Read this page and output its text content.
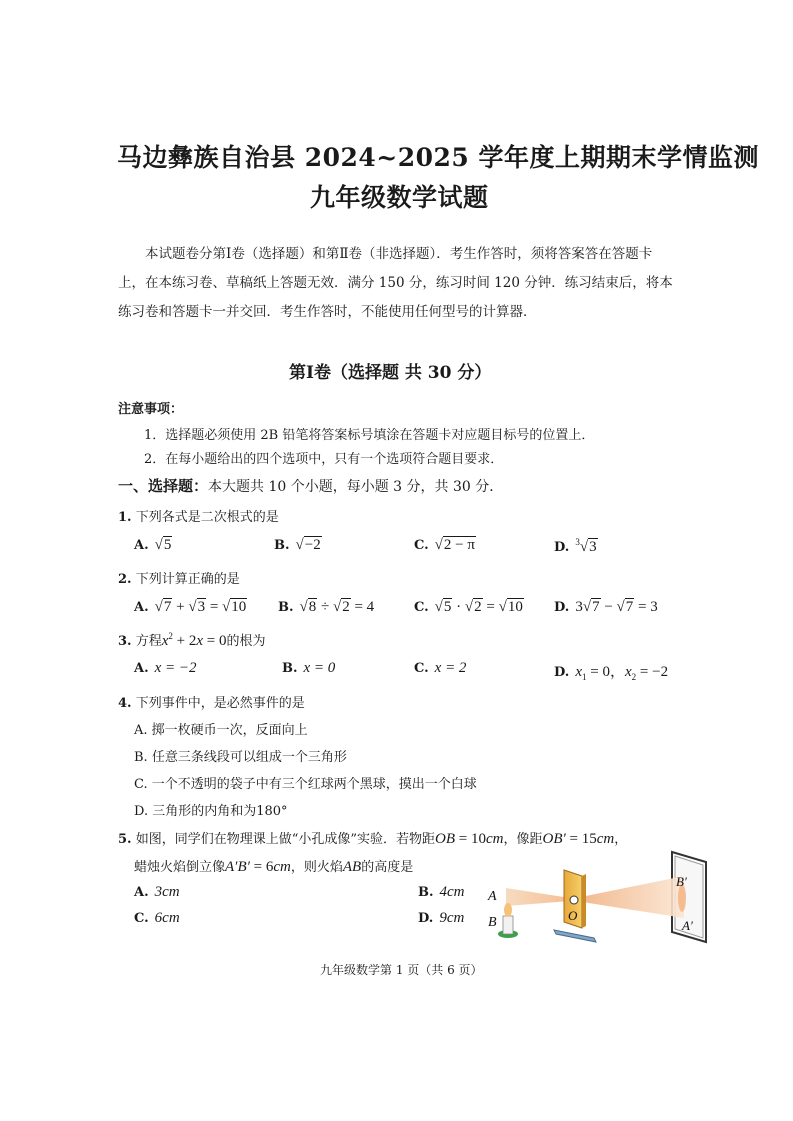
马边彝族自治县 2024~2025 学年度上期期末学情监测
九年级数学试题
本试题卷分第Ⅰ卷（选择题）和第Ⅱ卷（非选择题）．考生作答时，须将答案答在答题卡上，在本练习卷、草稿纸上答题无效．满分 150 分，练习时间 120 分钟．练习结束后，将本练习卷和答题卡一并交回．考生作答时，不能使用任何型号的计算器．
第Ⅰ卷（选择题 共 30 分）
注意事项：
1．选择题必须使用 2B 铅笔将答案标号填涂在答题卡对应题目标号的位置上．
2．在每小题给出的四个选项中，只有一个选项符合题目要求．
一、选择题：本大题共 10 个小题，每小题 3 分，共 30 分．
1. 下列各式是二次根式的是
A. √5	B. √−2	C. √2 − π	D. $^3$√3
2. 下列计算正确的是
A. √7 + √3 = √10 B. √8 ÷ √2 = 4	C. √5 · √2 = √10 D. 3√7 − √7 = 3
3. 方程$x^2 + 2x = 0$的根为
A. x = −2	B. x = 0	C. x = 2	D. $x_1 = 0$，$x_2 = -2$
4. 下列事件中，是必然事件的是
A. 掷一枚硬币一次，反面向上
B. 任意三条线段可以组成一个三角形
C. 一个不透明的袋子中有三个红球两个黑球，摸出一个白球
D. 三角形的内角和为180°
5. 如图，同学们在物理课上做“小孔成像”实验．若物距OB = 10cm，像距OB′ = 15cm，
蜡烛火焰倒立像A′B′ = 6cm，则火焰AB的高度是
A. 3cm	B. 4cm
C. 6cm	D. 9cm
A
B	O
B′
A′
九年级数学第 1 页（共 6 页）
